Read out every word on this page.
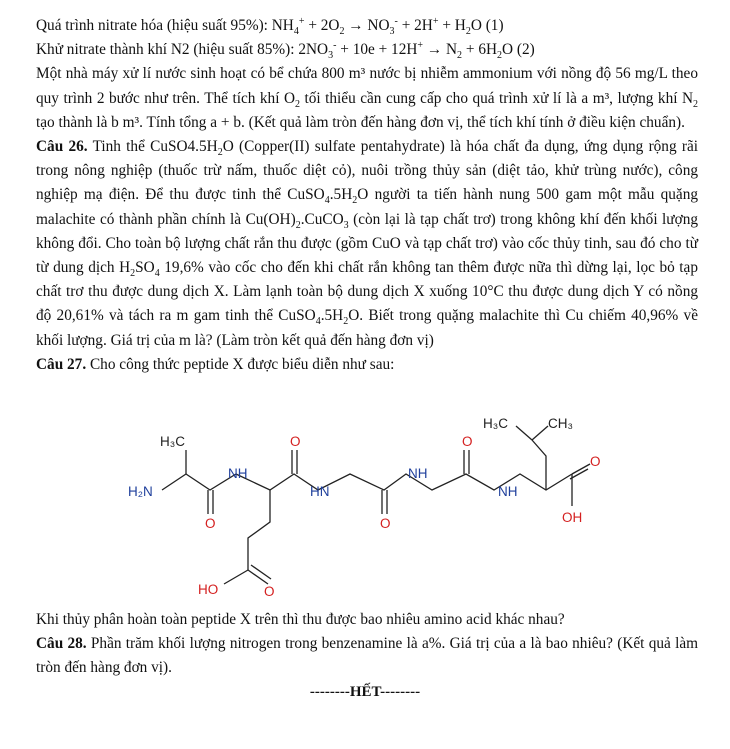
Quá trình nitrate hóa (hiệu suất 95%): $NH_4^+ + 2O_2 \to NO_3^- + 2H^+ + H_2O$ (1)

Khử nitrate thành khí N2 (hiệu suất 85%): $2NO_3^- + 10e + 12H^+ \to N_2 + 6H_2O$ (2)

Một nhà máy xử lí nước sinh hoạt có bể chứa 800 m³ nước bị nhiễm ammonium với nồng độ 56 mg/L theo quy trình 2 bước như trên. Thể tích khí $O_2$ tối thiểu cần cung cấp cho quá trình xử lí là a m³, lượng khí $N_2$ tạo thành là b m³. Tính tổng a + b. (Kết quả làm tròn đến hàng đơn vị, thể tích khí tính ở điều kiện chuẩn).

Câu 26. Tinh thể $CuSO4.5H_2O$ (Copper(II) sulfate pentahydrate) là hóa chất đa dụng, ứng dụng rộng rãi trong nông nghiệp (thuốc trừ nấm, thuốc diệt cỏ), nuôi trồng thủy sản (diệt tảo, khử trùng nước), công nghiệp mạ điện. Để thu được tinh thể $CuSO_4.5H_2O$ người ta tiến hành nung 500 gam một mẫu quặng malachite có thành phần chính là $Cu(OH)_2.CuCO_3$ (còn lại là tạp chất trơ) trong không khí đến khối lượng không đổi. Cho toàn bộ lượng chất rắn thu được (gồm CuO và tạp chất trơ) vào cốc thủy tinh, sau đó cho từ từ dung dịch $H_2SO_4$ 19,6% vào cốc cho đến khi chất rắn không tan thêm được nữa thì dừng lại, lọc bỏ tạp chất trơ thu được dung dịch X. Làm lạnh toàn bộ dung dịch X xuống 10°C thu được dung dịch Y có nồng độ 20,61% và tách ra m gam tinh thể $CuSO_4.5H_2O$. Biết trong quặng malachite thì Cu chiếm 40,96% về khối lượng. Giá trị của m là? (Làm tròn kết quả đến hàng đơn vị)

Câu 27. Cho công thức peptide X được biểu diễn như sau:

H₃C
H₂N
NH
O
O
HN
O
NH
O
NH
H₃C	CH₃
O
OH
HO	O

Khi thủy phân hoàn toàn peptide X trên thì thu được bao nhiêu amino acid khác nhau?

Câu 28. Phần trăm khối lượng nitrogen trong benzenamine là a%. Giá trị của a là bao nhiêu? (Kết quả làm tròn đến hàng đơn vị).

--------HẾT--------
